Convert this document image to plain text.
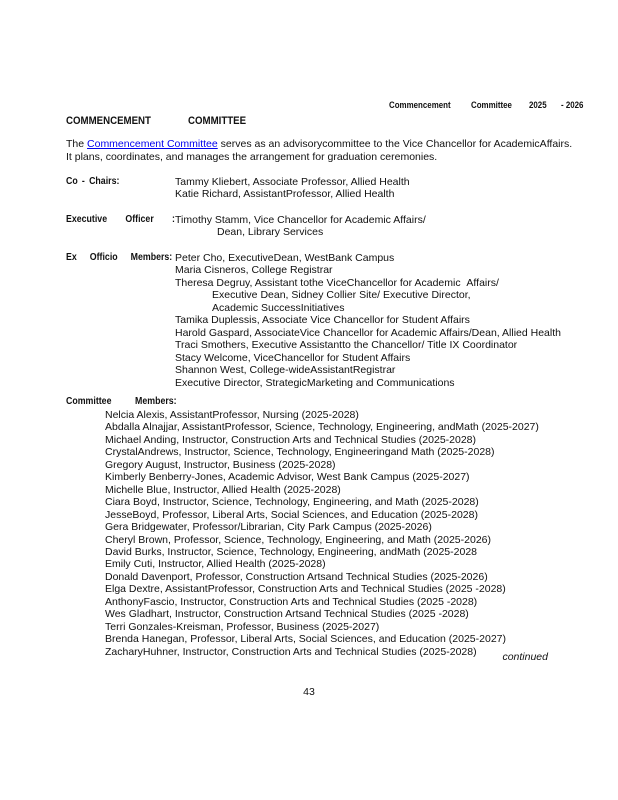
Commencement Committee 2025 - 2026
COMMENCEMENT	COMMITTEE
The Commencement Committee serves as an advisorycommittee to the Vice Chancellor for AcademicAffairs.
It plans, coordinates, and manages the arrangement for graduation ceremonies.
Co - Chairs:	Tammy Kliebert, Associate Professor, Allied Health
Katie Richard, AssistantProfessor, Allied Health
Executive Officer : Timothy Stamm, Vice Chancellor for Academic Affairs/
Dean, Library Services
Ex Officio Members: Peter Cho, ExecutiveDean, WestBank Campus
Maria Cisneros, College Registrar
Theresa Degruy, Assistant tothe ViceChancellor for Academic  Affairs/
Executive Dean, Sidney Collier Site/ Executive Director,
Academic SuccessInitiatives
Tamika Duplessis, Associate Vice Chancellor for Student Affairs
Harold Gaspard, AssociateVice Chancellor for Academic Affairs/Dean, Allied Health
Traci Smothers, Executive Assistantto the Chancellor/ Title IX Coordinator
Stacy Welcome, ViceChancellor for Student Affairs
Shannon West, College-wideAssistantRegistrar
Executive Director, StrategicMarketing and Communications
Committee Members:
Nelcia Alexis, AssistantProfessor, Nursing (2025-2028)
Abdalla Alnajjar, AssistantProfessor, Science, Technology, Engineering, andMath (2025-2027)
Michael Anding, Instructor, Construction Arts and Technical Studies (2025-2028)
CrystalAndrews, Instructor, Science, Technology, Engineeringand Math (2025-2028)
Gregory August, Instructor, Business (2025-2028)
Kimberly Benberry-Jones, Academic Advisor, West Bank Campus (2025-2027)
Michelle Blue, Instructor, Allied Health (2025-2028)
Ciara Boyd, Instructor, Science, Technology, Engineering, and Math (2025-2028)
JesseBoyd, Professor, Liberal Arts, Social Sciences, and Education (2025-2028)
Gera Bridgewater, Professor/Librarian, City Park Campus (2025-2026)
Cheryl Brown, Professor, Science, Technology, Engineering, and Math (2025-2026)
David Burks, Instructor, Science, Technology, Engineering, andMath (2025-2028
Emily Cuti, Instructor, Allied Health (2025-2028)
Donald Davenport, Professor, Construction Artsand Technical Studies (2025-2026)
Elga Dextre, AssistantProfessor, Construction Arts and Technical Studies (2025 -2028)
AnthonyFascio, Instructor, Construction Arts and Technical Studies (2025 -2028)
Wes Gladhart, Instructor, Construction Artsand Technical Studies (2025 -2028)
Terri Gonzales-Kreisman, Professor, Business (2025-2027)
Brenda Hanegan, Professor, Liberal Arts, Social Sciences, and Education (2025-2027)
ZacharyHuhner, Instructor, Construction Arts and Technical Studies (2025-2028)	continued
43
